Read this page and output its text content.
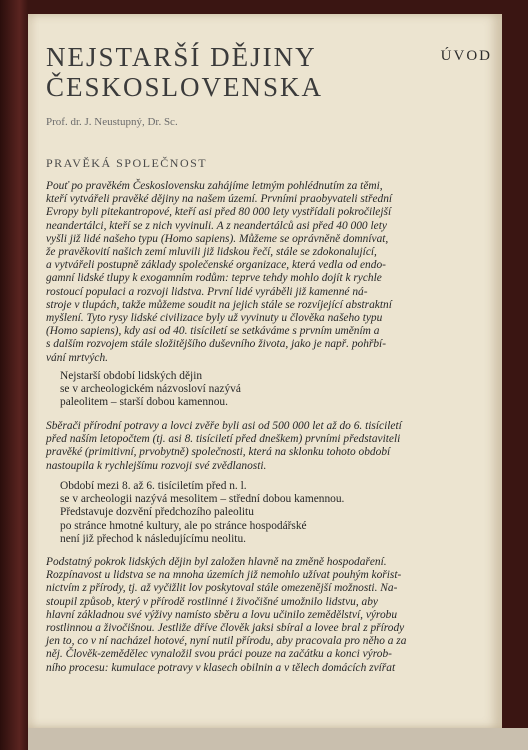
NEJSTARŠÍ DĚJINY
ČESKOSLOVENSKA
ÚVOD
Prof. dr. J. Neustupný, Dr. Sc.
PRAVĚKÁ SPOLEČNOST
Pouť po pravěkém Československu zahájíme letmým pohlédnutím za těmi,
kteří vytvářeli pravěké dějiny na našem území. Prvními praobyvateli střední
Evropy byli pitekantropové, kteří asi před 80 000 lety vystřídali pokročilejší
neandertálci, kteří se z nich vyvinuli. A z neandertálců asi před 40 000 lety
vyšli již lidé našeho typu (Homo sapiens). Můžeme se oprávněně domnívat,
že pravěkovití našich zemí mluvili již lidskou řečí, stále se zdokonalující,
a vytvářeli postupně základy společenské organizace, která vedla od endo-
gamní lidské tlupy k exogamním rodům: teprve tehdy mohlo dojít k rychle
rostoucí populaci a rozvoji lidstva. První lidé vyráběli již kamenné ná-
stroje v tlupách, takže můžeme soudit na jejich stále se rozvíjející abstraktní
myšlení. Tyto rysy lidské civilizace byly už vyvinuty u člověka našeho typu
(Homo sapiens), kdy asi od 40. tisíciletí se setkáváme s prvním uměním a
s dalším rozvojem stále složitějšího duševního života, jako je např. pohřbí-
vání mrtvých.
Nejstarší období lidských dějin
se v archeologickém názvosloví nazývá
paleolitem – starší dobou kamennou.
Sběrači přírodní potravy a lovci zvěře byli asi od 500 000 let až do 6. tisíciletí
před naším letopočtem (tj. asi 8. tisíciletí před dneškem) prvními představiteli
pravěké (primitivní, prvobytně) společnosti, která na sklonku tohoto období
nastoupila k rychlejšímu rozvoji své zvědlanosti.
Období mezi 8. až 6. tisíciletím před n. l.
se v archeologii nazývá mesolitem – střední dobou kamennou.
Představuje dozvění předchozího paleolitu
po stránce hmotné kultury, ale po stránce hospodářské
není již přechod k následujícímu neolitu.
Podstatný pokrok lidských dějin byl založen hlavně na změně hospodaření.
Rozpínavost u lidstva se na mnoha územích již nemohlo užívat pouhým kořist-
nictvím z přírody, tj. až vyčižlit lov poskytoval stále omezenější možnosti. Na-
stoupil způsob, který v přírodě rostlinné i živočišné umožnilo lidstvu, aby
hlavní základnou své výživy namísto sběru a lovu učinilo zemědělství, výrobu
rostlinnou a živočišnou. Jestliže dříve člověk jaksi sbíral a lovee bral z přírody
jen to, co v ní nacházel hotové, nyní nutil přírodu, aby pracovala pro něho a za
něj. Člověk-zemědělec vynaložil svou práci pouze na začátku a konci výrob-
ního procesu: kumulace potravy v klasech obilnin a v tělech domácích zvířat
